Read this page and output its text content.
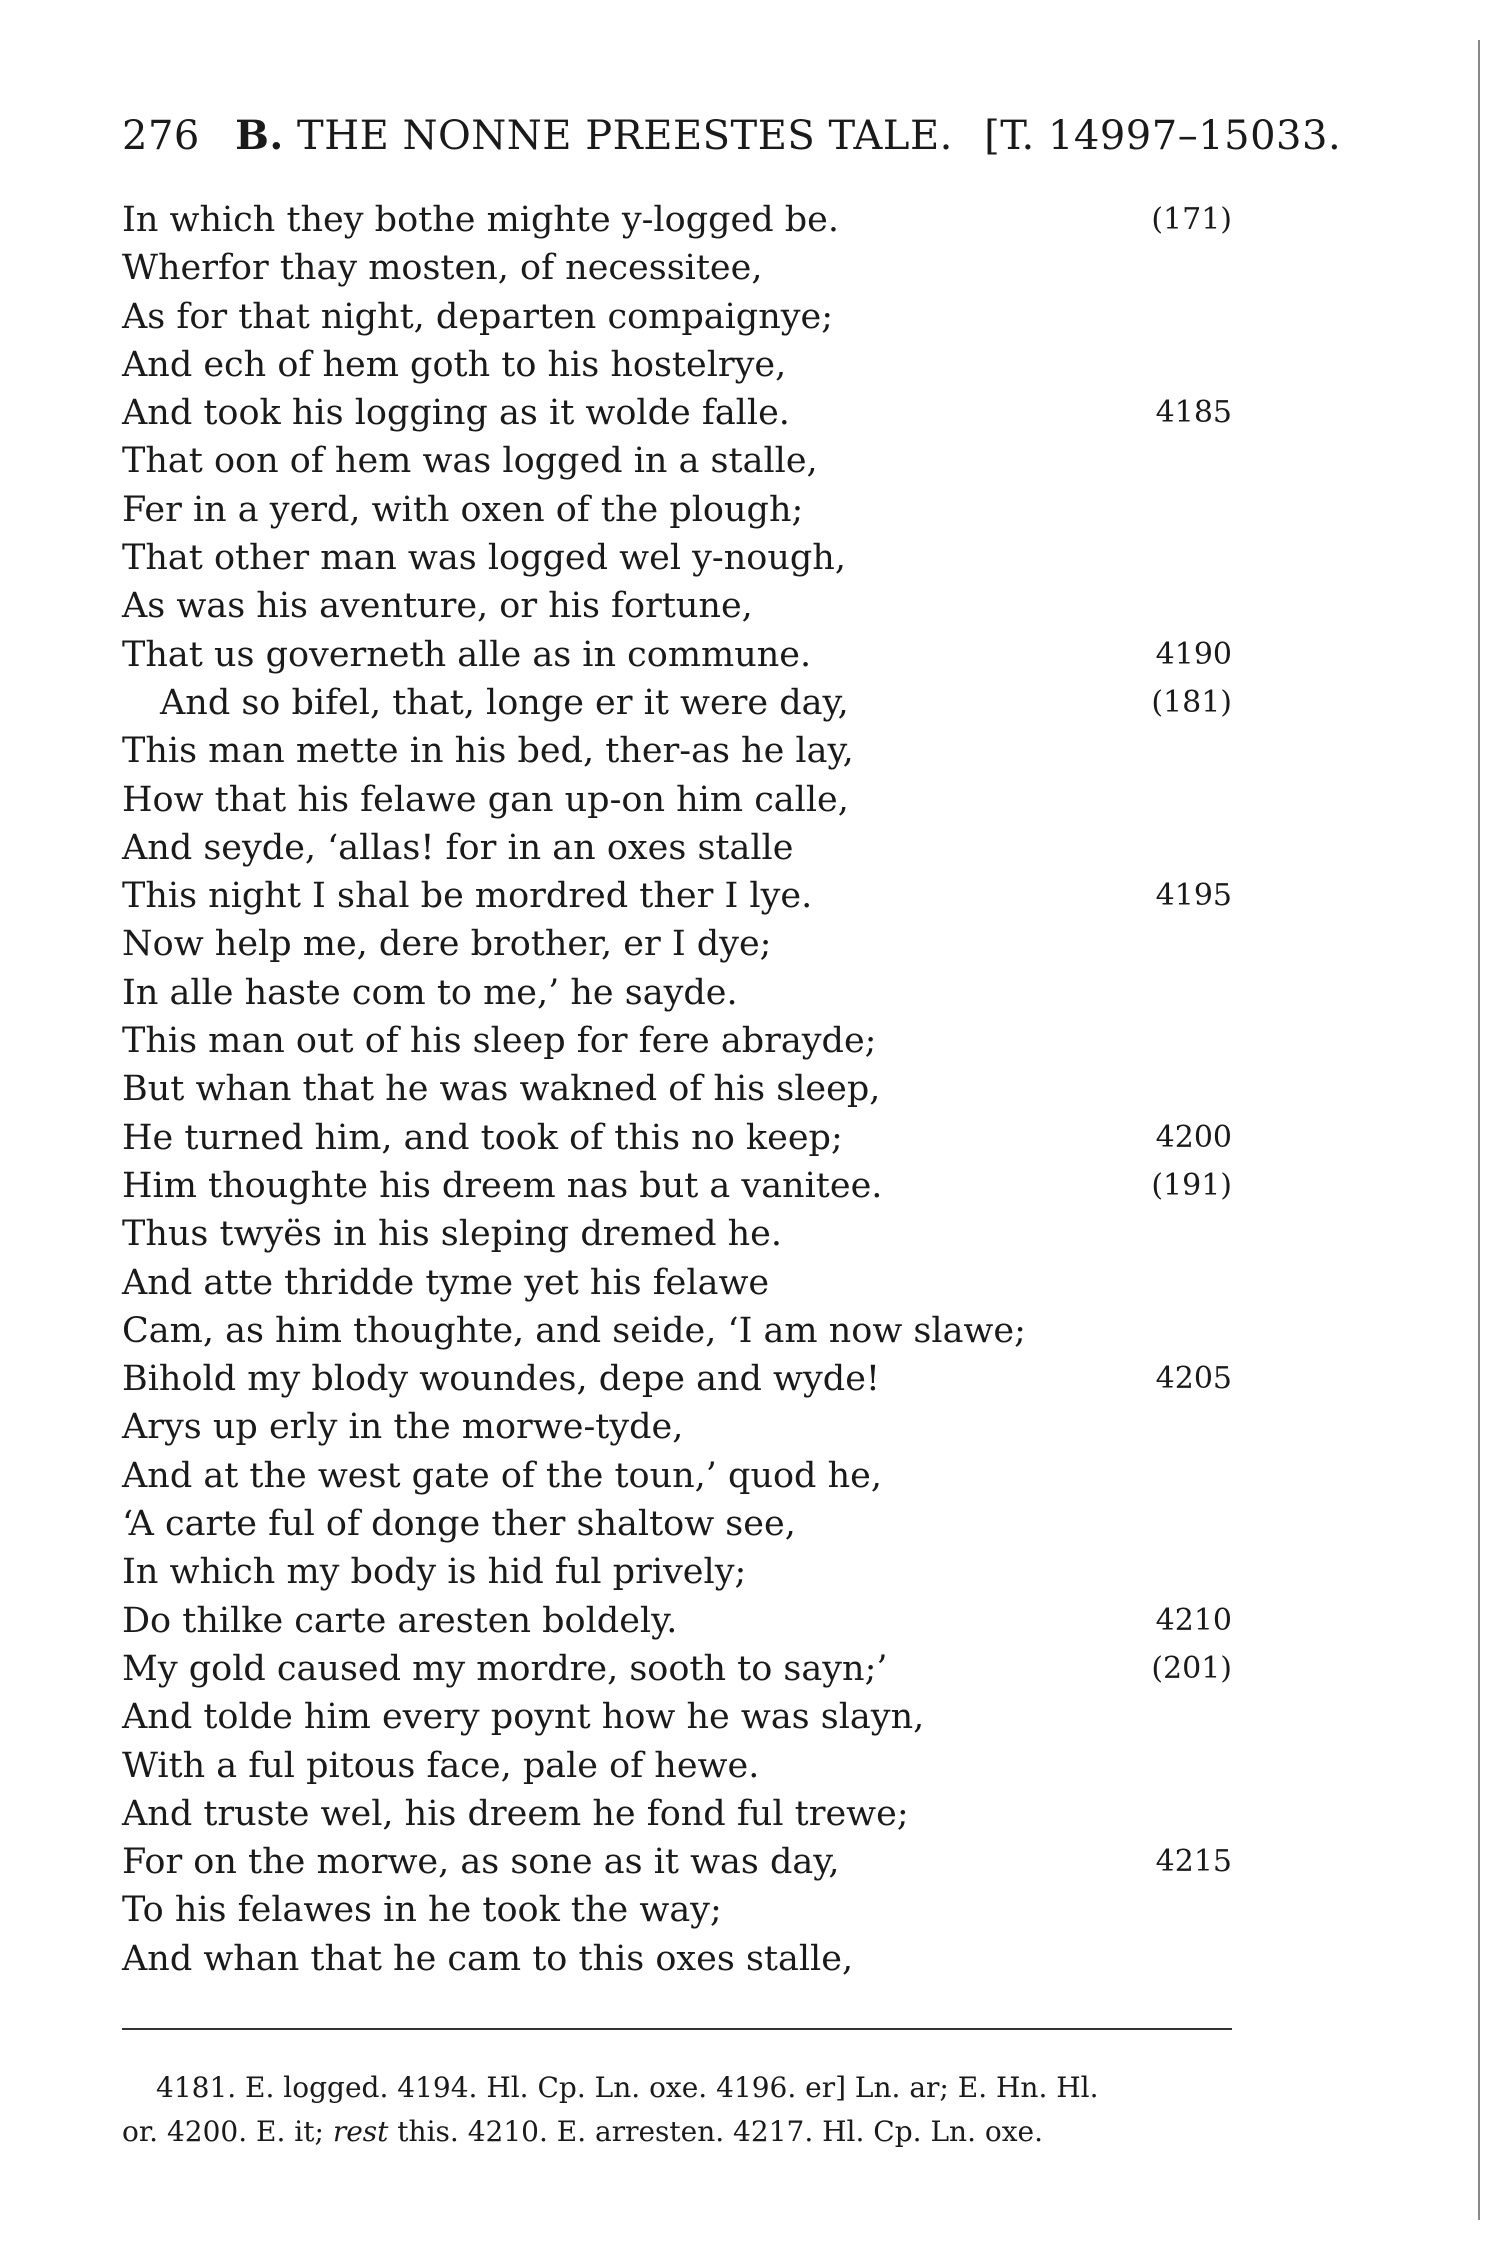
276 B. THE NONNE PREESTES TALE. [T. 14997–15033.
In which they bothe mighte y-logged be.	(171)
Wherfor thay mosten, of necessitee,
As for that night, departen compaignye;
And ech of hem goth to his hostelrye,
And took his logging as it wolde falle.	4185
That oon of hem was logged in a stalle,
Fer in a yerd, with oxen of the plough;
That other man was logged wel y-nough,
As was his aventure, or his fortune,
That us governeth alle as in commune.	4190
And so bifel, that, longe er it were day,	(181)
This man mette in his bed, ther-as he lay,
How that his felawe gan up-on him calle,
And seyde, ‘allas! for in an oxes stalle
This night I shal be mordred ther I lye.	4195
Now help me, dere brother, er I dye;
In alle haste com to me,’ he sayde.
This man out of his sleep for fere abrayde;
But whan that he was wakned of his sleep,
He turned him, and took of this no keep;	4200
Him thoughte his dreem nas but a vanitee.	(191)
Thus twyës in his sleping dremed he.
And atte thridde tyme yet his felawe
Cam, as him thoughte, and seide, ‘I am now slawe;
Bihold my blody woundes, depe and wyde!	4205
Arys up erly in the morwe-tyde,
And at the west gate of the toun,’ quod he,
‘A carte ful of donge ther shaltow see,
In which my body is hid ful prively;
Do thilke carte aresten boldely.	4210
My gold caused my mordre, sooth to sayn;’	(201)
And tolde him every poynt how he was slayn,
With a ful pitous face, pale of hewe.
And truste wel, his dreem he fond ful trewe;
For on the morwe, as sone as it was day,	4215
To his felawes in he took the way;
And whan that he cam to this oxes stalle,
4181. E. logged. 4194. Hl. Cp. Ln. oxe. 4196. er] Ln. ar; E. Hn. Hl.
or. 4200. E. it; rest this. 4210. E. arresten. 4217. Hl. Cp. Ln. oxe.
